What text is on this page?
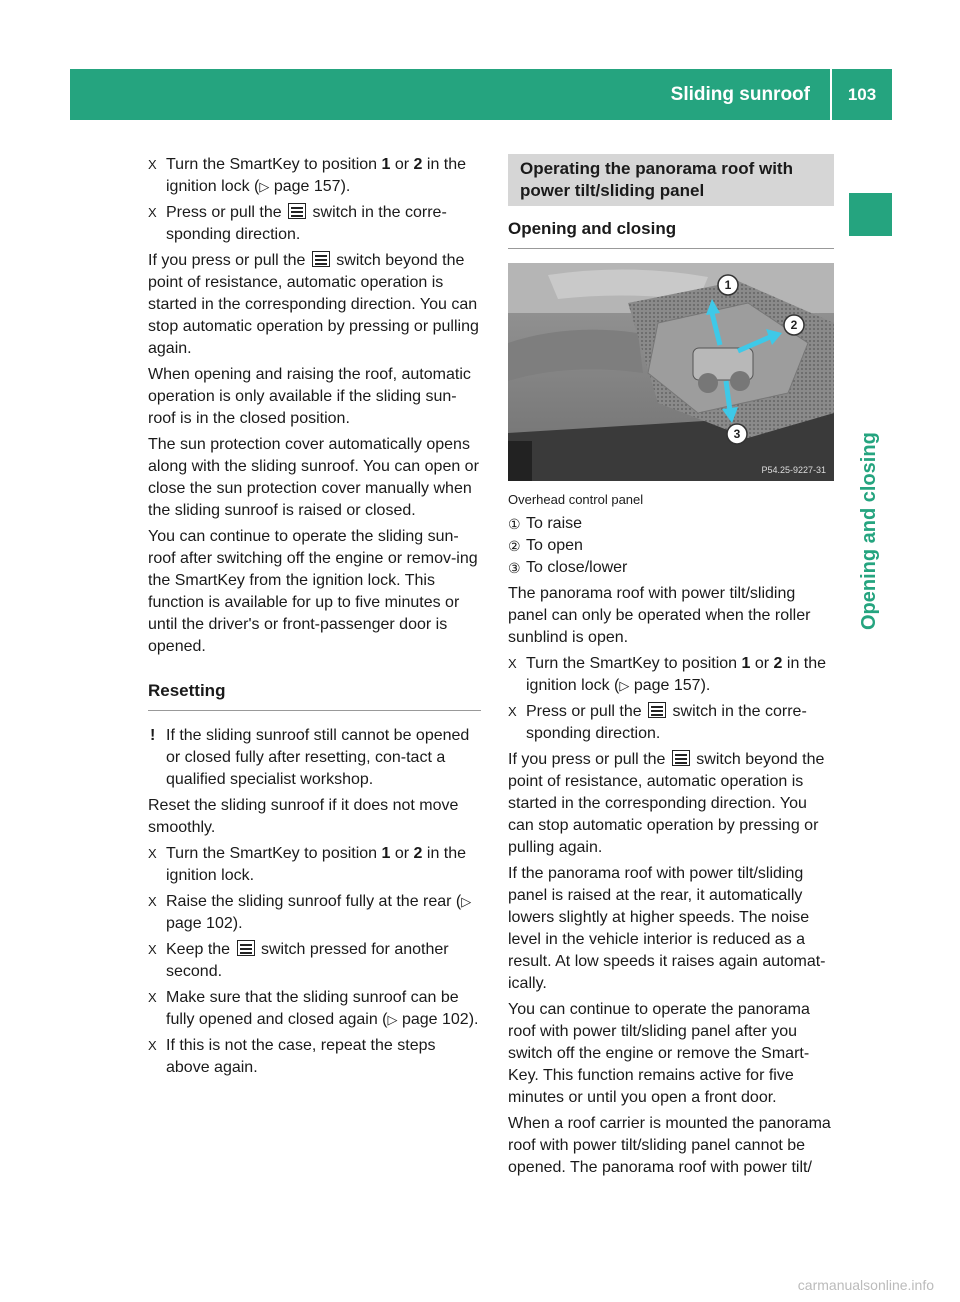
Sliding sunroof	103
Opening and closing
X Turn the SmartKey to position 1 or 2 in the ignition lock (▷ page 157).
X Press or pull the
switch in the corre-sponding direction.

If you press or pull the
switch beyond the point of resistance, automatic operation is started in the corresponding direction. You can stop automatic operation by pressing or pulling again.

When opening and raising the roof, automatic operation is only available if the sliding sun-roof is in the closed position.

The sun protection cover automatically opens along with the sliding sunroof. You can open or close the sun protection cover manually when the sliding sunroof is raised or closed.

You can continue to operate the sliding sun-roof after switching off the engine or remov-ing the SmartKey from the ignition lock. This function is available for up to five minutes or until the driver's or front-passenger door is opened.

Resetting
! If the sliding sunroof still cannot be opened or closed fully after resetting, con-tact a qualified specialist workshop.

Reset the sliding sunroof if it does not move smoothly.

X Turn the SmartKey to position 1 or 2 in the ignition lock.
X Raise the sliding sunroof fully at the rear (▷ page 102).
X Keep the
switch pressed for another second.
X Make sure that the sliding sunroof can be fully opened and closed again (▷ page 102).
X If this is not the case, repeat the steps above again.
Operating the panorama roof with power tilt/sliding panel
Opening and closing
1
2
3
P54.25-9227-31
Overhead control panel
① To raise
② To open
③ To close/lower

The panorama roof with power tilt/sliding panel can only be operated when the roller sunblind is open.

X Turn the SmartKey to position 1 or 2 in the ignition lock (▷ page 157).
X Press or pull the
switch in the corre-sponding direction.

If you press or pull the
switch beyond the point of resistance, automatic operation is started in the corresponding direction. You can stop automatic operation by pressing or pulling again.

If the panorama roof with power tilt/sliding panel is raised at the rear, it automatically lowers slightly at higher speeds. The noise level in the vehicle interior is reduced as a result. At low speeds it raises again automat-ically.

You can continue to operate the panorama roof with power tilt/sliding panel after you switch off the engine or remove the Smart-Key. This function remains active for five minutes or until you open a front door.

When a roof carrier is mounted the panorama roof with power tilt/sliding panel cannot be opened. The panorama roof with power tilt/

carmanualsonline.info
